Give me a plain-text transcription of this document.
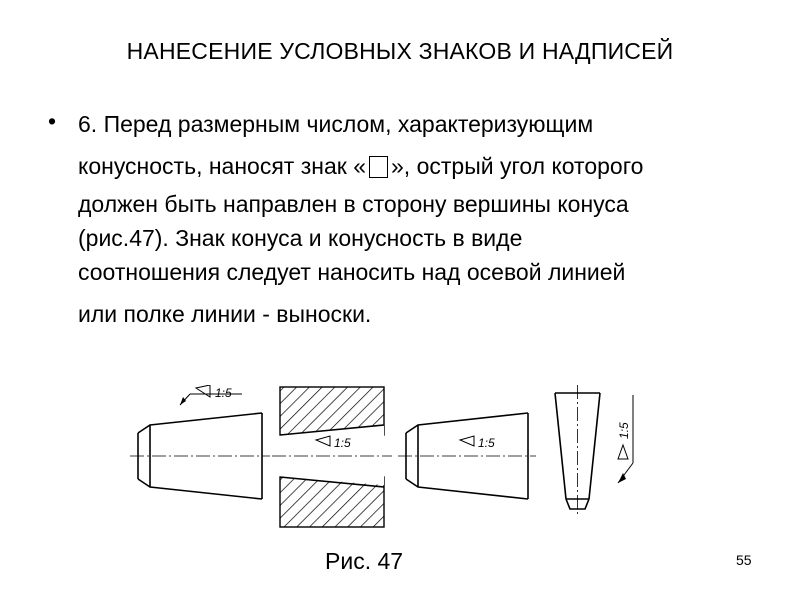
НАНЕСЕНИЕ УСЛОВНЫХ ЗНАКОВ И НАДПИСЕЙ
• 6. Перед размерным числом, характеризующим
конусность, наносят знак « », острый угол которого
должен быть направлен в сторону вершины конуса
(рис.47). Знак конуса и конусность в виде
соотношения следует наносить над осевой линией
или полке линии - выноски.
1:5
1:5	1:5
1:5
Рис. 47	55
